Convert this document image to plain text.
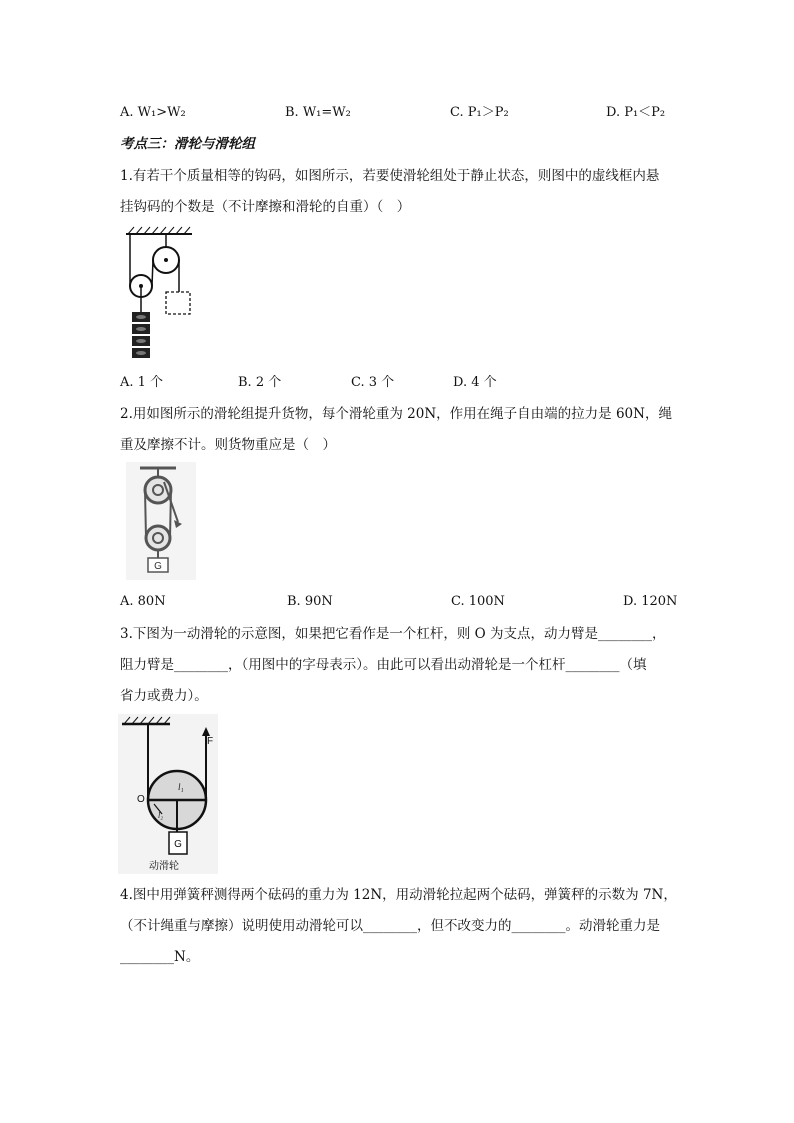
A. W₁>W₂	B. W₁=W₂	C. P₁＞P₂	D. P₁＜P₂
考点三：滑轮与滑轮组
1.有若干个质量相等的钩码，如图所示，若要使滑轮组处于静止状态，则图中的虚线框内悬
挂钩码的个数是（不计摩擦和滑轮的自重）（　）
A. 1 个	B. 2 个	C. 3 个	D. 4 个
2.用如图所示的滑轮组提升货物，每个滑轮重为 20N，作用在绳子自由端的拉力是 60N，绳
重及摩擦不计。则货物重应是（　）
G
A. 80N	B. 90N	C. 100N	D. 120N
3.下图为一动滑轮的示意图，如果把它看作是一个杠杆，则 O 为支点，动力臂是________，
阻力臂是________，（用图中的字母表示）。由此可以看出动滑轮是一个杠杆________（填
省力或费力）。
F
O
l₁
l₂
G
动滑轮
4.图中用弹簧秤测得两个砝码的重力为 12N，用动滑轮拉起两个砝码，弹簧秤的示数为 7N，
（不计绳重与摩擦）说明使用动滑轮可以________，但不改变力的________。动滑轮重力是
________N。
